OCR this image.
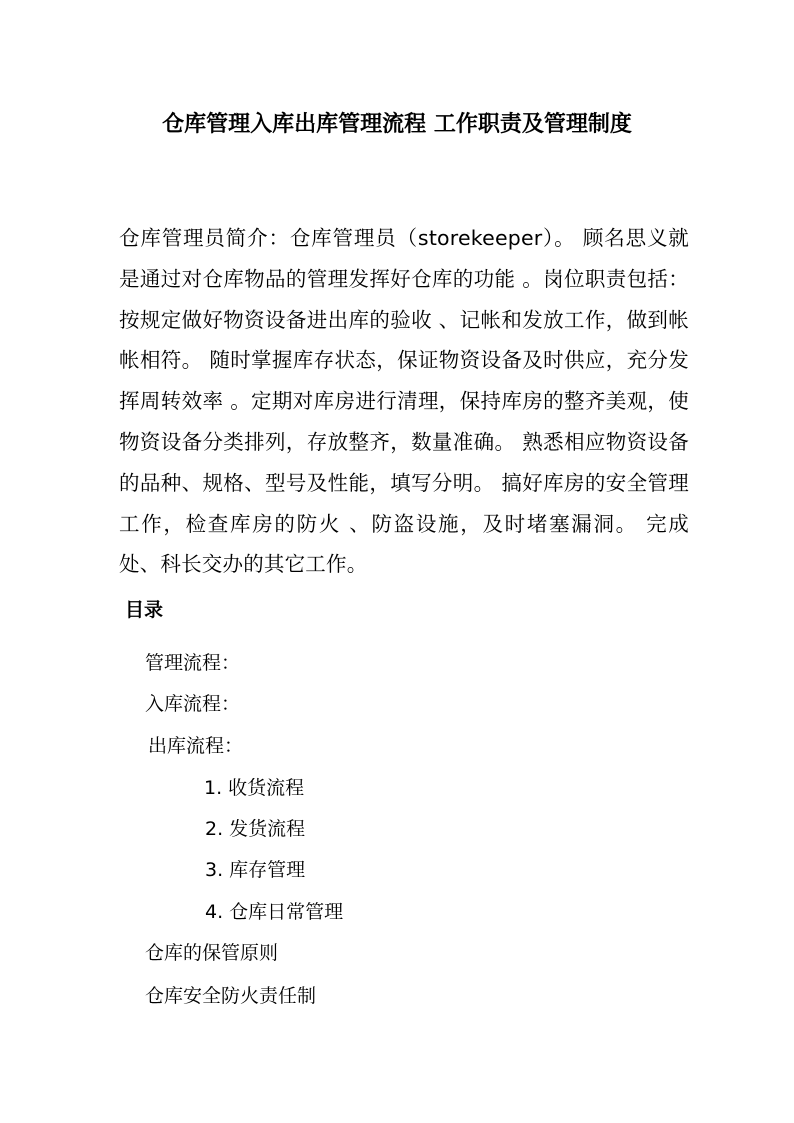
仓库管理入库出库管理流程 工作职责及管理制度

仓库管理员简介：仓库管理员（storekeeper）。 顾名思义就是通过对仓库物品的管理发挥好仓库的功能 。岗位职责包括：按规定做好物资设备进出库的验收 、记帐和发放工作，做到帐帐相符。 随时掌握库存状态，保证物资设备及时供应，充分发挥周转效率 。定期对库房进行清理，保持库房的整齐美观，使物资设备分类排列，存放整齐，数量准确。 熟悉相应物资设备的品种、规格、型号及性能，填写分明。 搞好库房的安全管理工作，检查库房的防火 、防盗设施，及时堵塞漏洞。 完成处、科长交办的其它工作。

目录
管理流程：
入库流程：
出库流程：
1. 收货流程
2. 发货流程
3. 库存管理
4. 仓库日常管理
仓库的保管原则
仓库安全防火责任制
